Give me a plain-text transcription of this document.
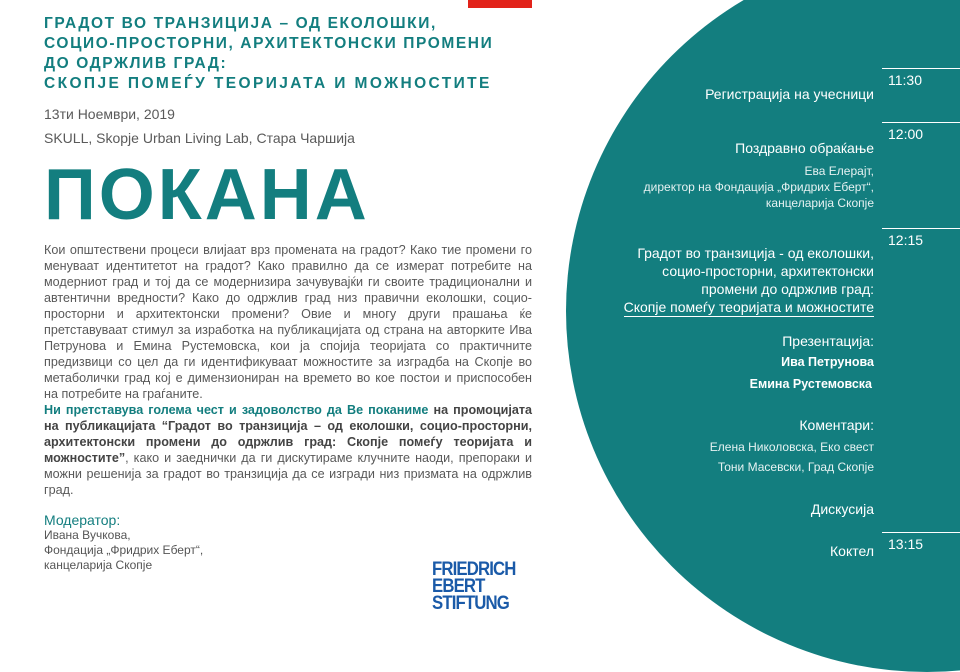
ГРАДОТ ВО ТРАНЗИЦИЈА – ОД ЕКОЛОШКИ,
СОЦИО-ПРОСТОРНИ, АРХИТЕКТОНСКИ ПРОМЕНИ
ДО ОДРЖЛИВ ГРАД:
СКОПЈЕ ПОМЕЃУ ТЕОРИЈАТА И МОЖНОСТИТЕ
13ти Ноември, 2019
SKULL, Skopje Urban Living Lab, Стара Чаршија
ПОКАНА

Кои општествени процеси влијаат врз промената на градот? Како тие промени го менуваат идентитетот на градот? Како правилно да се измерат потребите на модерниот град и тој да се модернизира зачувувајќи ги своите традиционални и автентични вредности? Како до одржлив град низ правични еколошки, социо-просторни и архитектонски промени? Овие и многу други прашања ќе претставуваат стимул за изработка на публикацијата од страна на авторките Ива Петрунова и Емина Рустемовска, кои ја спојија теоријата со практичните предизвици со цел да ги идентификуваат можностите за изградба на Скопје во метаболички град кој е димензиониран на времето во кое постои и приспособен на потребите на граѓаните.

Ни претставува голема чест и задоволство да Ве поканиме на промоцијата на публикацијата “Градот во транзиција – од еколошки, социо-просторни, архитектонски промени до одржлив град: Скопје помеѓу теоријата и можностите”, како и заеднички да ги дискутираме клучните наоди, препораки и можни решенија за градот во транзиција да се изгради низ призмата на одржлив град.

Модератор:
Ивана Вучкова,
Фондација „Фридрих Еберт“,
канцеларија Скопје	FRIEDRICH
EBERT
STIFTUNG
11:30
Регистрација на учесници
12:00
Поздравно обраќање
Ева Елерајт,
директор на Фондација „Фридрих Еберт“,
канцеларија Скопје
12:15
Градот во транзиција - од еколошки,
социо-просторни, архитектонски
промени до одржлив град:
Скопје помеѓу теоријата и можностите
Презентација:
Ива Петрунова
Емина Рустемовска
Коментари:
Елена Николовска, Еко свест
Тони Масевски, Град Скопје
Дискусија
13:15
Коктел
